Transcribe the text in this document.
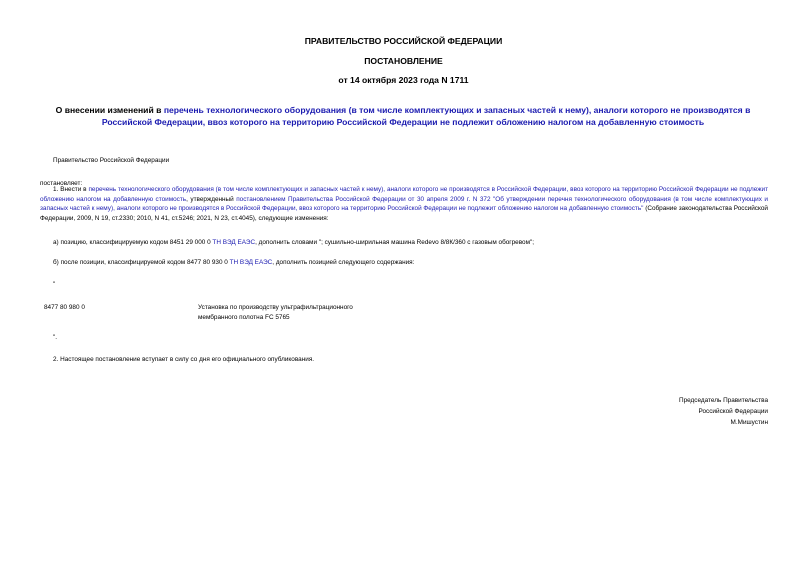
ПРАВИТЕЛЬСТВО РОССИЙСКОЙ ФЕДЕРАЦИИ
ПОСТАНОВЛЕНИЕ
от 14 октября 2023 года N 1711
О внесении изменений в перечень технологического оборудования (в том числе комплектующих и запасных частей к нему), аналоги которого не производятся в Российской Федерации, ввоз которого на территорию Российской Федерации не подлежит обложению налогом на добавленную стоимость
Правительство Российской Федерации
постановляет:
1. Внести в перечень технологического оборудования (в том числе комплектующих и запасных частей к нему), аналоги которого не производятся в Российской Федерации, ввоз которого на территорию Российской Федерации не подлежит обложению налогом на добавленную стоимость, утвержденный постановлением Правительства Российской Федерации от 30 апреля 2009 г. N 372 "Об утверждении перечня технологического оборудования (в том числе комплектующих и запасных частей к нему), аналоги которого не производятся в Российской Федерации, ввоз которого на территорию Российской Федерации не подлежит обложению налогом на добавленную стоимость" (Собрание законодательства Российской Федерации, 2009, N 19, ст.2330; 2010, N 41, ст.5246; 2021, N 23, ст.4045), следующие изменения:
а) позицию, классифицируемую кодом 8451 29 000 0 ТН ВЭД ЕАЭС, дополнить словами "; сушильно-ширильная машина Redevo 8/8К/360 с газовым обогревом";
б) после позиции, классифицируемой кодом 8477 80 930 0 ТН ВЭД ЕАЭС, дополнить позицией следующего содержания:
"
8477 80 980 0	Установка по производству ультрафильтрационного
мембранного полотна FC 5765
".
2. Настоящее постановление вступает в силу со дня его официального опубликования.
Председатель Правительства
Российской Федерации
М.Мишустин
